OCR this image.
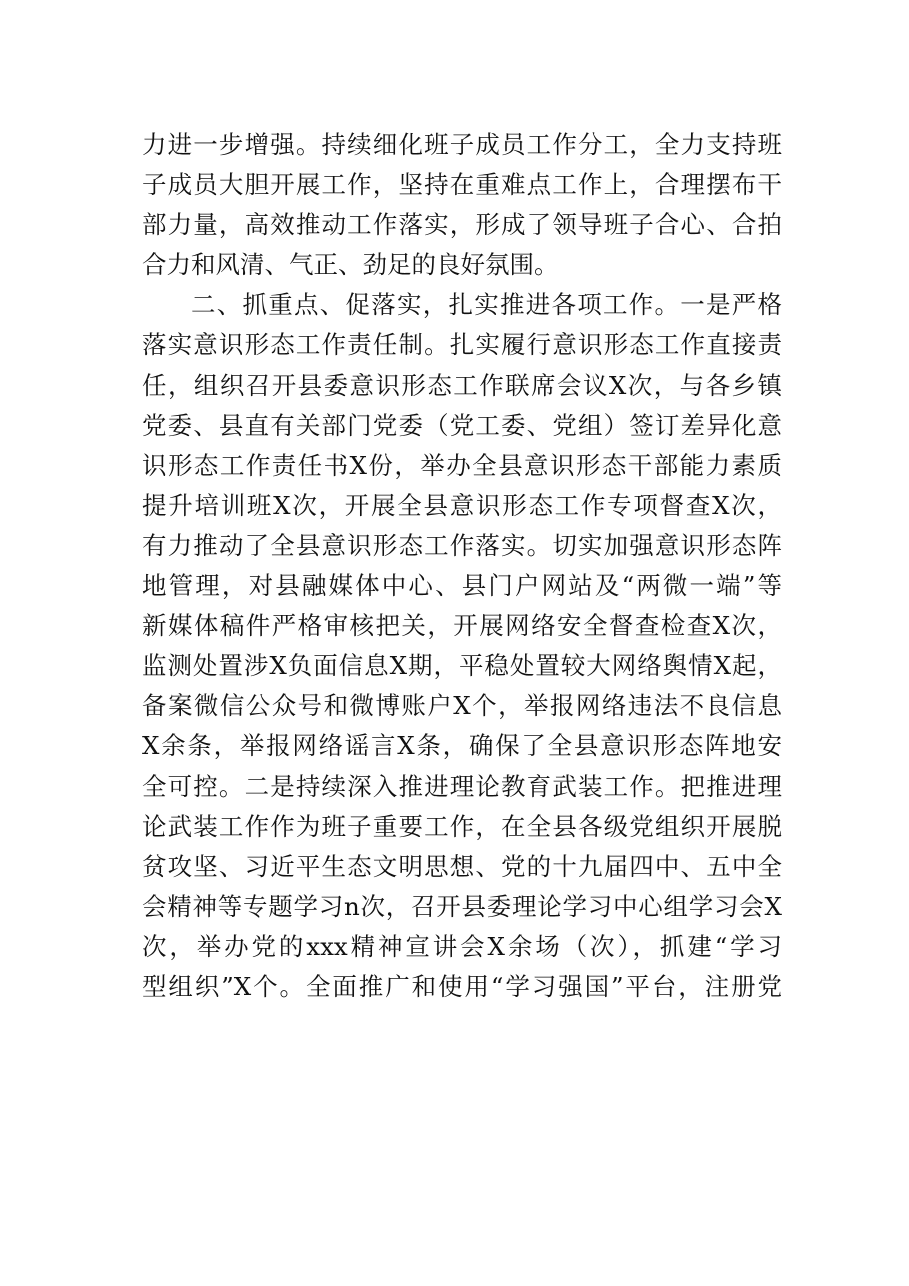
力进一步增强。持续细化班子成员工作分工，全力支持班
子成员大胆开展工作，坚持在重难点工作上，合理摆布干
部力量，高效推动工作落实，形成了领导班子合心、合拍
合力和风清、气正、劲足的良好氛围。
二、抓重点、促落实，扎实推进各项工作。一是严格
落实意识形态工作责任制。扎实履行意识形态工作直接责
任，组织召开县委意识形态工作联席会议X次，与各乡镇
党委、县直有关部门党委（党工委、党组）签订差异化意
识形态工作责任书X份，举办全县意识形态干部能力素质
提升培训班X次，开展全县意识形态工作专项督查X次，
有力推动了全县意识形态工作落实。切实加强意识形态阵
地管理，对县融媒体中心、县门户网站及“两微一端”等
新媒体稿件严格审核把关，开展网络安全督查检查X次，
监测处置涉X负面信息X期，平稳处置较大网络舆情X起，
备案微信公众号和微博账户X个，举报网络违法不良信息
X余条，举报网络谣言X条，确保了全县意识形态阵地安
全可控。二是持续深入推进理论教育武装工作。把推进理
论武装工作作为班子重要工作，在全县各级党组织开展脱
贫攻坚、习近平生态文明思想、党的十九届四中、五中全
会精神等专题学习n次，召开县委理论学习中心组学习会X
次，举办党的xxx精神宣讲会X余场（次），抓建“学习
型组织”X个。全面推广和使用“学习强国”平台，注册党
